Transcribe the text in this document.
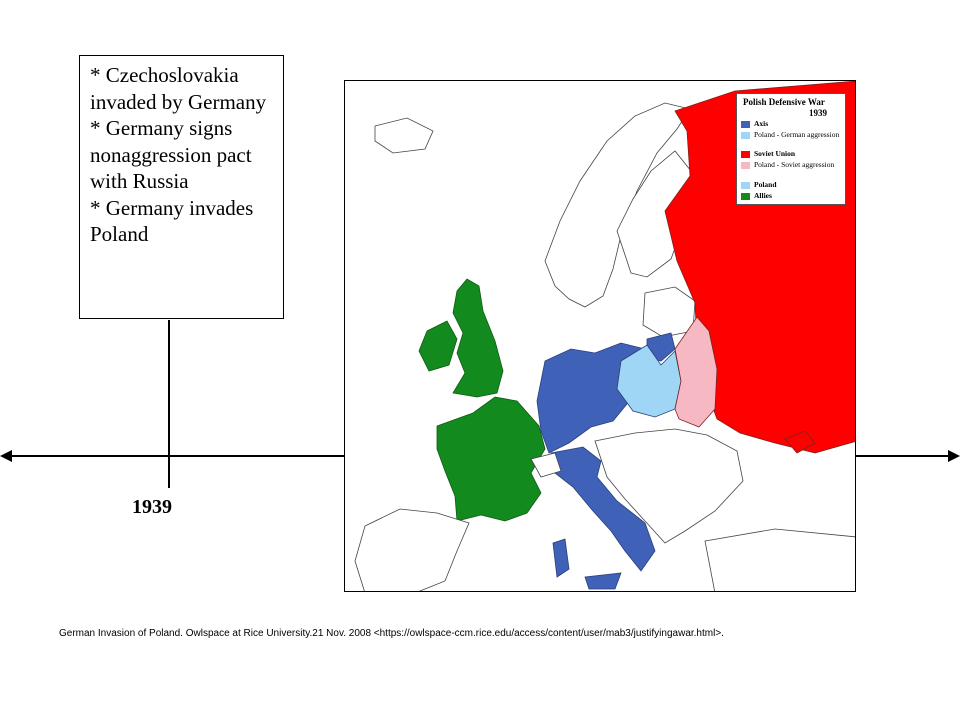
* Czechoslovakia invaded by Germany
* Germany signs nonaggression pact with Russia
* Germany invades Poland
1939
Polish Defensive War
1939
Axis
Poland - German aggression
Soviet Union
Poland - Soviet aggression
Poland
Allies
German Invasion of Poland. Owlspace at Rice University.21 Nov. 2008 <https://owlspace-ccm.rice.edu/access/content/user/mab3/justifyingawar.html>.
